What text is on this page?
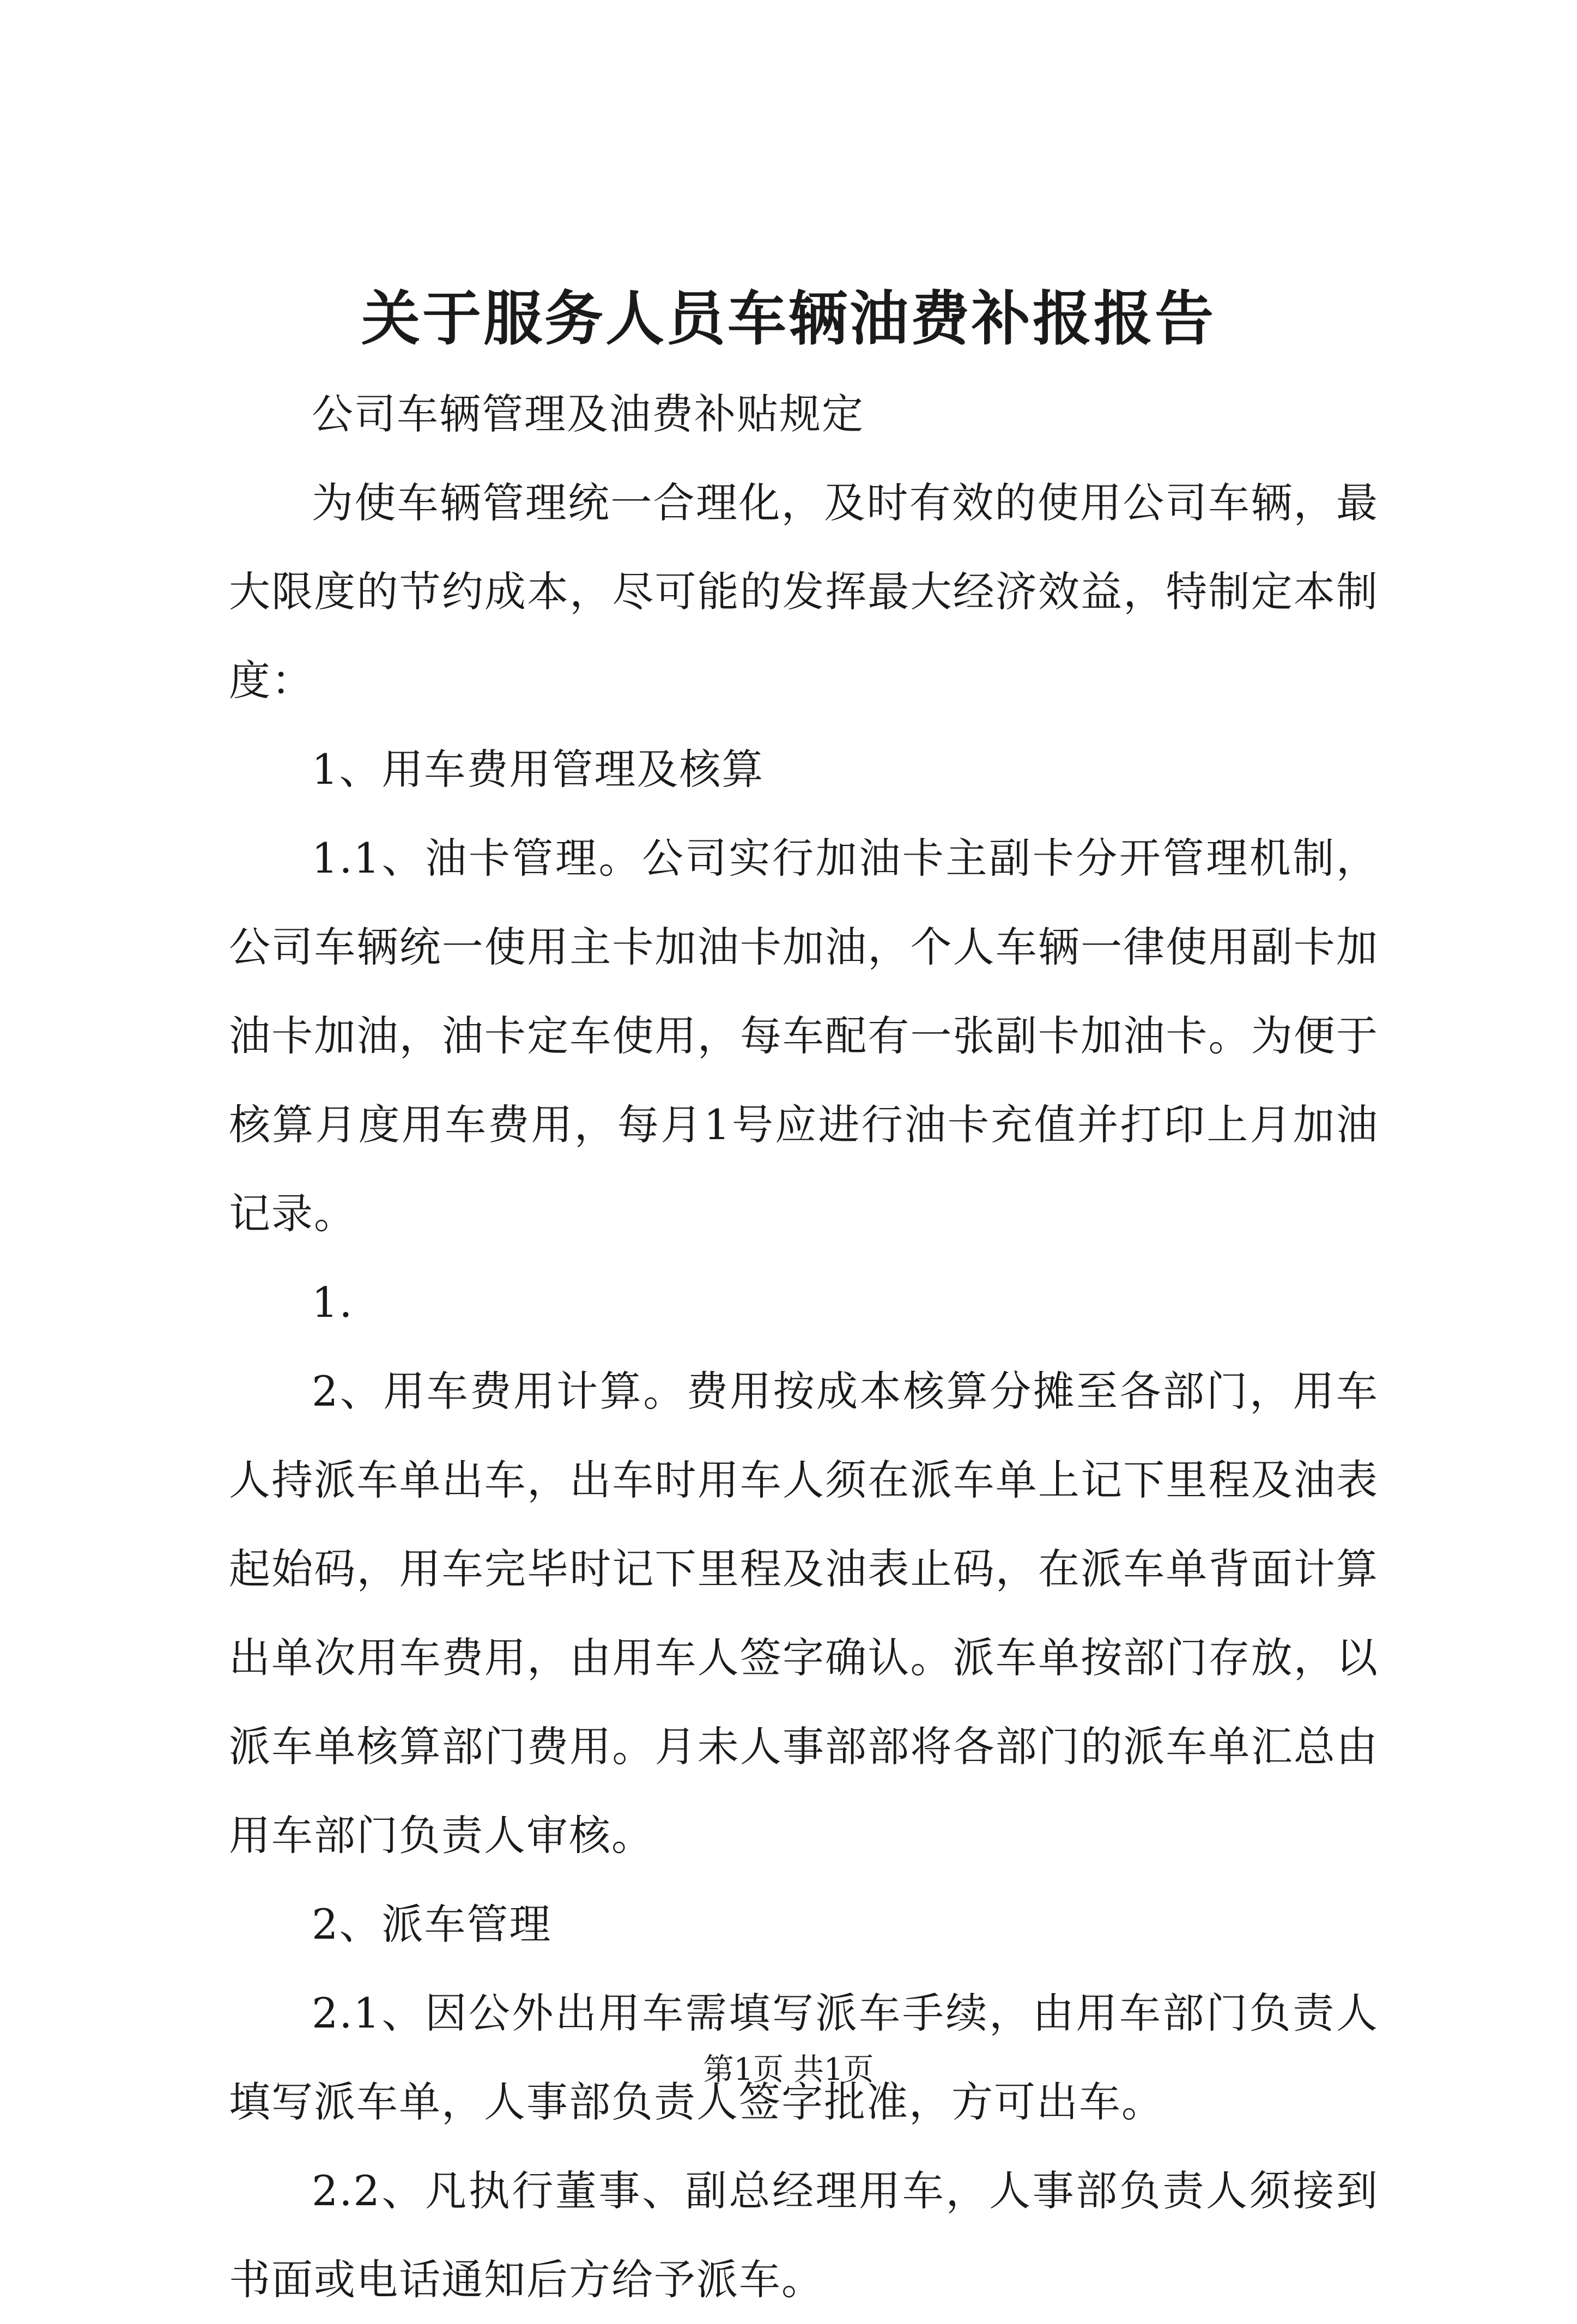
关于服务人员车辆油费补报报告

公司车辆管理及油费补贴规定

为使车辆管理统一合理化，及时有效的使用公司车辆，最大限度的节约成本，尽可能的发挥最大经济效益，特制定本制度：

1、用车费用管理及核算

1.1、油卡管理。公司实行加油卡主副卡分开管理机制，公司车辆统一使用主卡加油卡加油，个人车辆一律使用副卡加油卡加油，油卡定车使用，每车配有一张副卡加油卡。为便于核算月度用车费用，每月1号应进行油卡充值并打印上月加油记录。

1.

2、用车费用计算。费用按成本核算分摊至各部门，用车人持派车单出车，出车时用车人须在派车单上记下里程及油表起始码，用车完毕时记下里程及油表止码，在派车单背面计算出单次用车费用，由用车人签字确认。派车单按部门存放，以派车单核算部门费用。月未人事部部将各部门的派车单汇总由用车部门负责人审核。

2、派车管理

2.1、因公外出用车需填写派车手续，由用车部门负责人填写派车单，人事部负责人签字批准，方可出车。

2.2、凡执行董事、副总经理用车，人事部负责人须接到书面或电话通知后方给予派车。

第1页 共1页
